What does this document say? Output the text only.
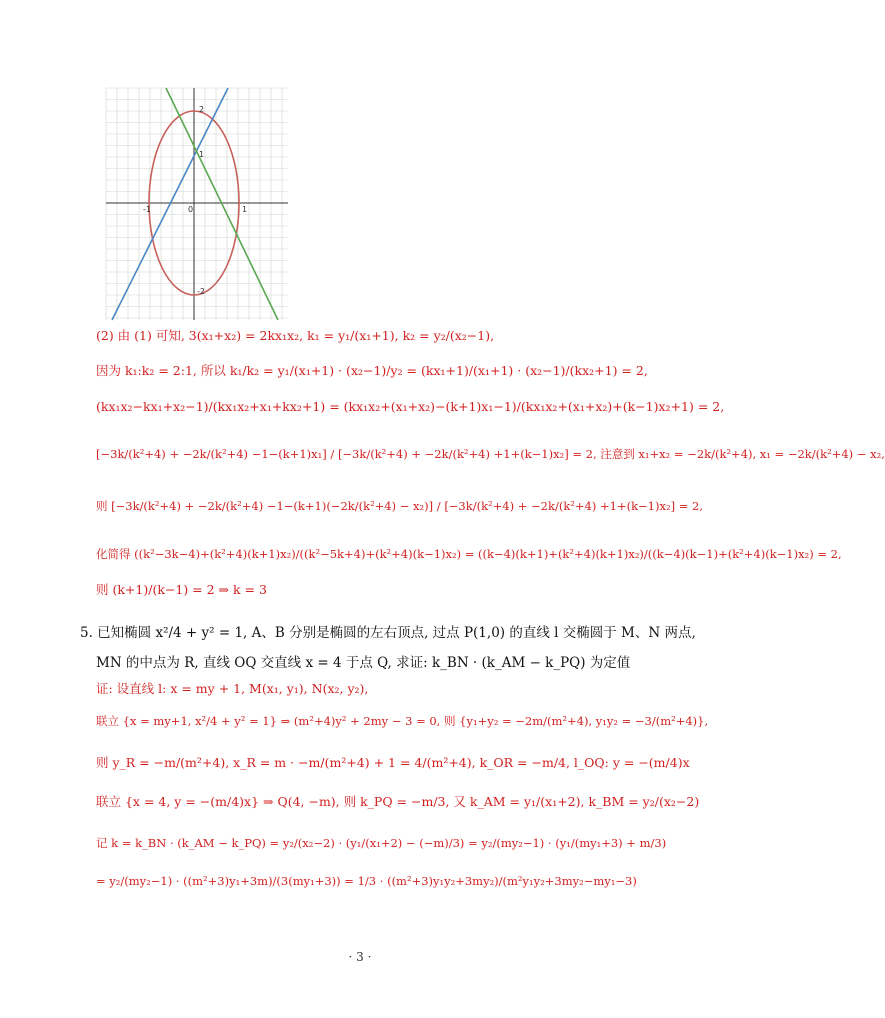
2
1
0
-1
-2
1
(2) 由 (1) 可知, 3(x₁+x₂) = 2kx₁x₂, k₁ = y₁/(x₁+1), k₂ = y₂/(x₂−1),
因为 k₁:k₂ = 2:1, 所以 k₁/k₂ = y₁/(x₁+1) · (x₂−1)/y₂ = (kx₁+1)/(x₁+1) · (x₂−1)/(kx₂+1) = 2,
(kx₁x₂−kx₁+x₂−1)/(kx₁x₂+x₁+kx₂+1) = (kx₁x₂+(x₁+x₂)−(k+1)x₁−1)/(kx₁x₂+(x₁+x₂)+(k−1)x₂+1) = 2,
[−3k/(k²+4) + −2k/(k²+4) −1−(k+1)x₁] / [−3k/(k²+4) + −2k/(k²+4) +1+(k−1)x₂] = 2, 注意到 x₁+x₂ = −2k/(k²+4), x₁ = −2k/(k²+4) − x₂,
则 [−3k/(k²+4) + −2k/(k²+4) −1−(k+1)(−2k/(k²+4) − x₂)] / [−3k/(k²+4) + −2k/(k²+4) +1+(k−1)x₂] = 2,
化简得 ((k²−3k−4)+(k²+4)(k+1)x₂)/((k²−5k+4)+(k²+4)(k−1)x₂) = ((k−4)(k+1)+(k²+4)(k+1)x₂)/((k−4)(k−1)+(k²+4)(k−1)x₂) = 2,
则 (k+1)/(k−1) = 2 ⇒ k = 3
5. 已知椭圆 x²/4 + y² = 1, A、B 分别是椭圆的左右顶点, 过点 P(1,0) 的直线 l 交椭圆于 M、N 两点,
MN 的中点为 R, 直线 OQ 交直线 x = 4 于点 Q, 求证: k_BN · (k_AM − k_PQ) 为定值
证: 设直线 l: x = my + 1, M(x₁, y₁), N(x₂, y₂),
联立 {x = my+1, x²/4 + y² = 1} ⇒ (m²+4)y² + 2my − 3 = 0, 则 {y₁+y₂ = −2m/(m²+4), y₁y₂ = −3/(m²+4)},
则 y_R = −m/(m²+4), x_R = m · −m/(m²+4) + 1 = 4/(m²+4), k_OR = −m/4, l_OQ: y = −(m/4)x
联立 {x = 4, y = −(m/4)x} ⇒ Q(4, −m), 则 k_PQ = −m/3, 又 k_AM = y₁/(x₁+2), k_BM = y₂/(x₂−2)
记 k = k_BN · (k_AM − k_PQ) = y₂/(x₂−2) · (y₁/(x₁+2) − (−m)/3) = y₂/(my₂−1) · (y₁/(my₁+3) + m/3)
= y₂/(my₂−1) · ((m²+3)y₁+3m)/(3(my₁+3)) = 1/3 · ((m²+3)y₁y₂+3my₂)/(m²y₁y₂+3my₂−my₁−3)
· 3 ·
